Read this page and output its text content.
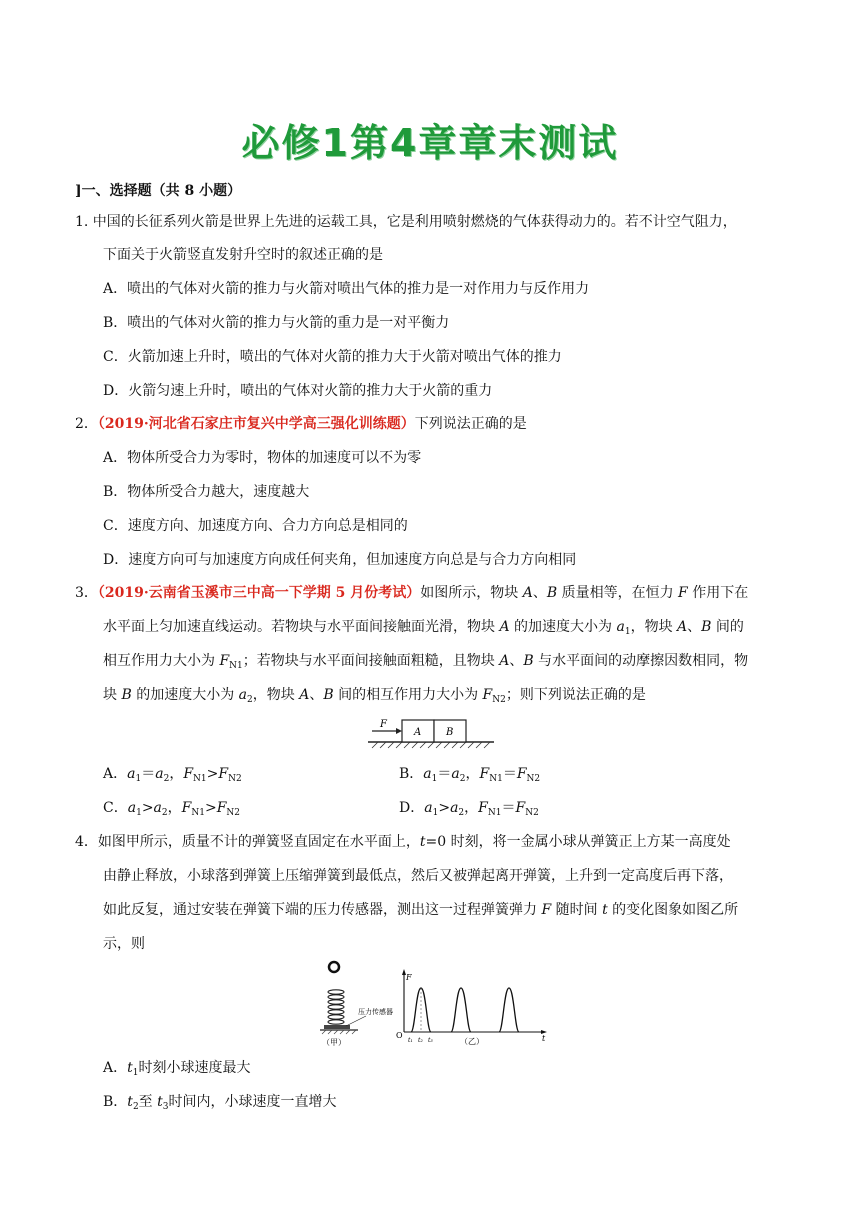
必修1第4章章末测试
]一、选择题（共 8 小题）
1. 中国的长征系列火箭是世界上先进的运载工具，它是利用喷射燃烧的气体获得动力的。若不计空气阻力，
下面关于火箭竖直发射升空时的叙述正确的是
A．喷出的气体对火箭的推力与火箭对喷出气体的推力是一对作用力与反作用力
B．喷出的气体对火箭的推力与火箭的重力是一对平衡力
C．火箭加速上升时，喷出的气体对火箭的推力大于火箭对喷出气体的推力
D．火箭匀速上升时，喷出的气体对火箭的推力大于火箭的重力
2．（2019·河北省石家庄市复兴中学高三强化训练题）下列说法正确的是
A．物体所受合力为零时，物体的加速度可以不为零
B．物体所受合力越大，速度越大
C．速度方向、加速度方向、合力方向总是相同的
D．速度方向可与加速度方向成任何夹角，但加速度方向总是与合力方向相同
3．（2019·云南省玉溪市三中高一下学期 5 月份考试）如图所示，物块 A、B 质量相等，在恒力 F 作用下在
水平面上匀加速直线运动。若物块与水平面间接触面光滑，物块 A 的加速度大小为 $a_1$，物块 A、B 间的
相互作用力大小为 $F_{N1}$；若物块与水平面间接触面粗糙，且物块 A、B 与水平面间的动摩擦因数相同，物
块 B 的加速度大小为 $a_2$，物块 A、B 间的相互作用力大小为 $F_{N2}$；则下列说法正确的是
F
A B
A．$a_1=a_2$，$F_{N1}>F_{N2}$	B．$a_1=a_2$，$F_{N1}=F_{N2}$
C．$a_1>a_2$，$F_{N1}>F_{N2}$	D．$a_1>a_2$，$F_{N1}=F_{N2}$
4．如图甲所示，质量不计的弹簧竖直固定在水平面上，t=0 时刻，将一金属小球从弹簧正上方某一高度处
由静止释放，小球落到弹簧上压缩弹簧到最低点，然后又被弹起离开弹簧，上升到一定高度后再下落，
如此反复，通过安装在弹簧下端的压力传感器，测出这一过程弹簧弹力 F 随时间 t 的变化图象如图乙所
示，则
压力传感器
（甲）
F
O	t
t₁ t₂ t₃	（乙）
A．$t_1$时刻小球速度最大
B．$t_2$至 $t_3$时间内，小球速度一直增大
